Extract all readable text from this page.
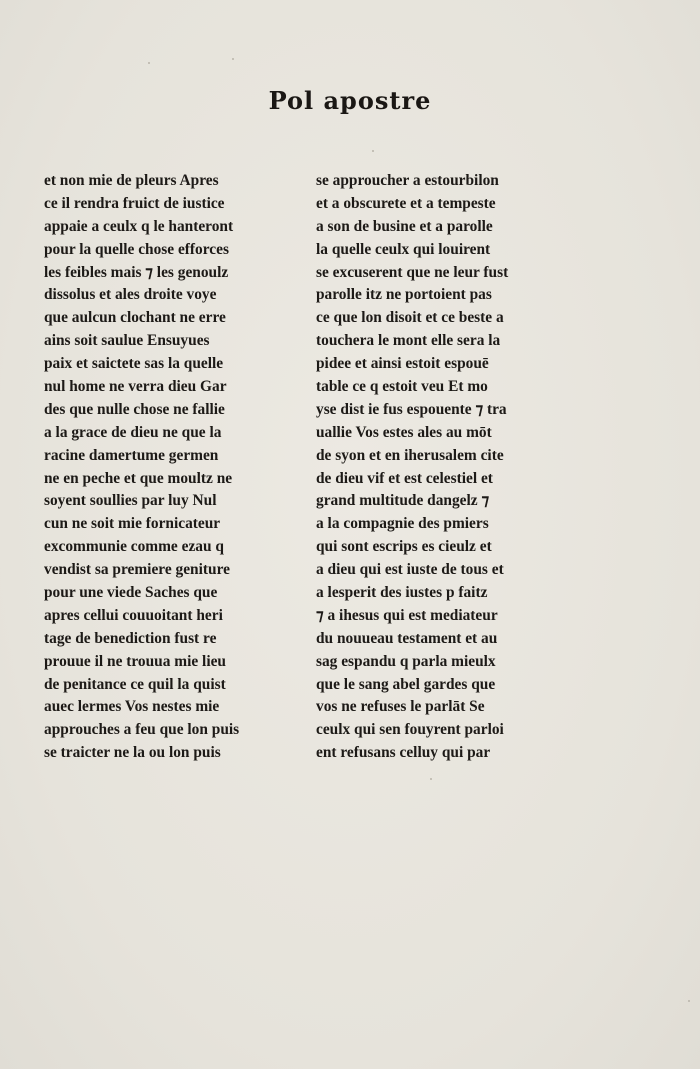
Pol apostre
et non mie de pleurs Apres
ce il rendra fruict de iustice
appaie a ceulx q le hanteront
pour la quelle chose efforces
les feibles mais ⁊ les genoulz
dissolus et ales droite voye
que aulcun clochant ne erre
ains soit saulue Ensuyues
paix et saictete sas la quelle
nul home ne verra dieu Gar
des que nulle chose ne fallie
a la grace de dieu ne que la
racine damertume germen
ne en peche et que moultz ne
soyent soullies par luy Nul
cun ne soit mie fornicateur
excommunie comme ezau q
vendist sa premiere geniture
pour une viede Saches que
apres cellui couuoitant heri
tage de benediction fust re
prouue il ne trouua mie lieu
de penitance ce quil la quist
auec lermes Vos nestes mie
approuches a feu que lon puis
se traicter ne la ou lon puis
se approucher a estourbilon
et a obscurete et a tempeste
a son de busine et a parolle
la quelle ceulx qui louirent
se excuserent que ne leur fust
parolle itz ne portoient pas
ce que lon disoit et ce beste a
touchera le mont elle sera la
pidee et ainsi estoit espouē
table ce q estoit veu Et mo
yse dist ie fus espouente ⁊ tra
uallie Vos estes ales au mōt
de syon et en iherusalem cite
de dieu vif et est celestiel et
grand multitude dangelz ⁊
a la compagnie des pmiers
qui sont escrips es cieulz et
a dieu qui est iuste de tous et
a lesperit des iustes p faitz
⁊ a ihesus qui est mediateur
du nouueau testament et au
sag espandu q parla mieulx
que le sang abel gardes que
vos ne refuses le parlāt Se
ceulx qui sen fouyrent parloi
ent refusans celluy qui par
